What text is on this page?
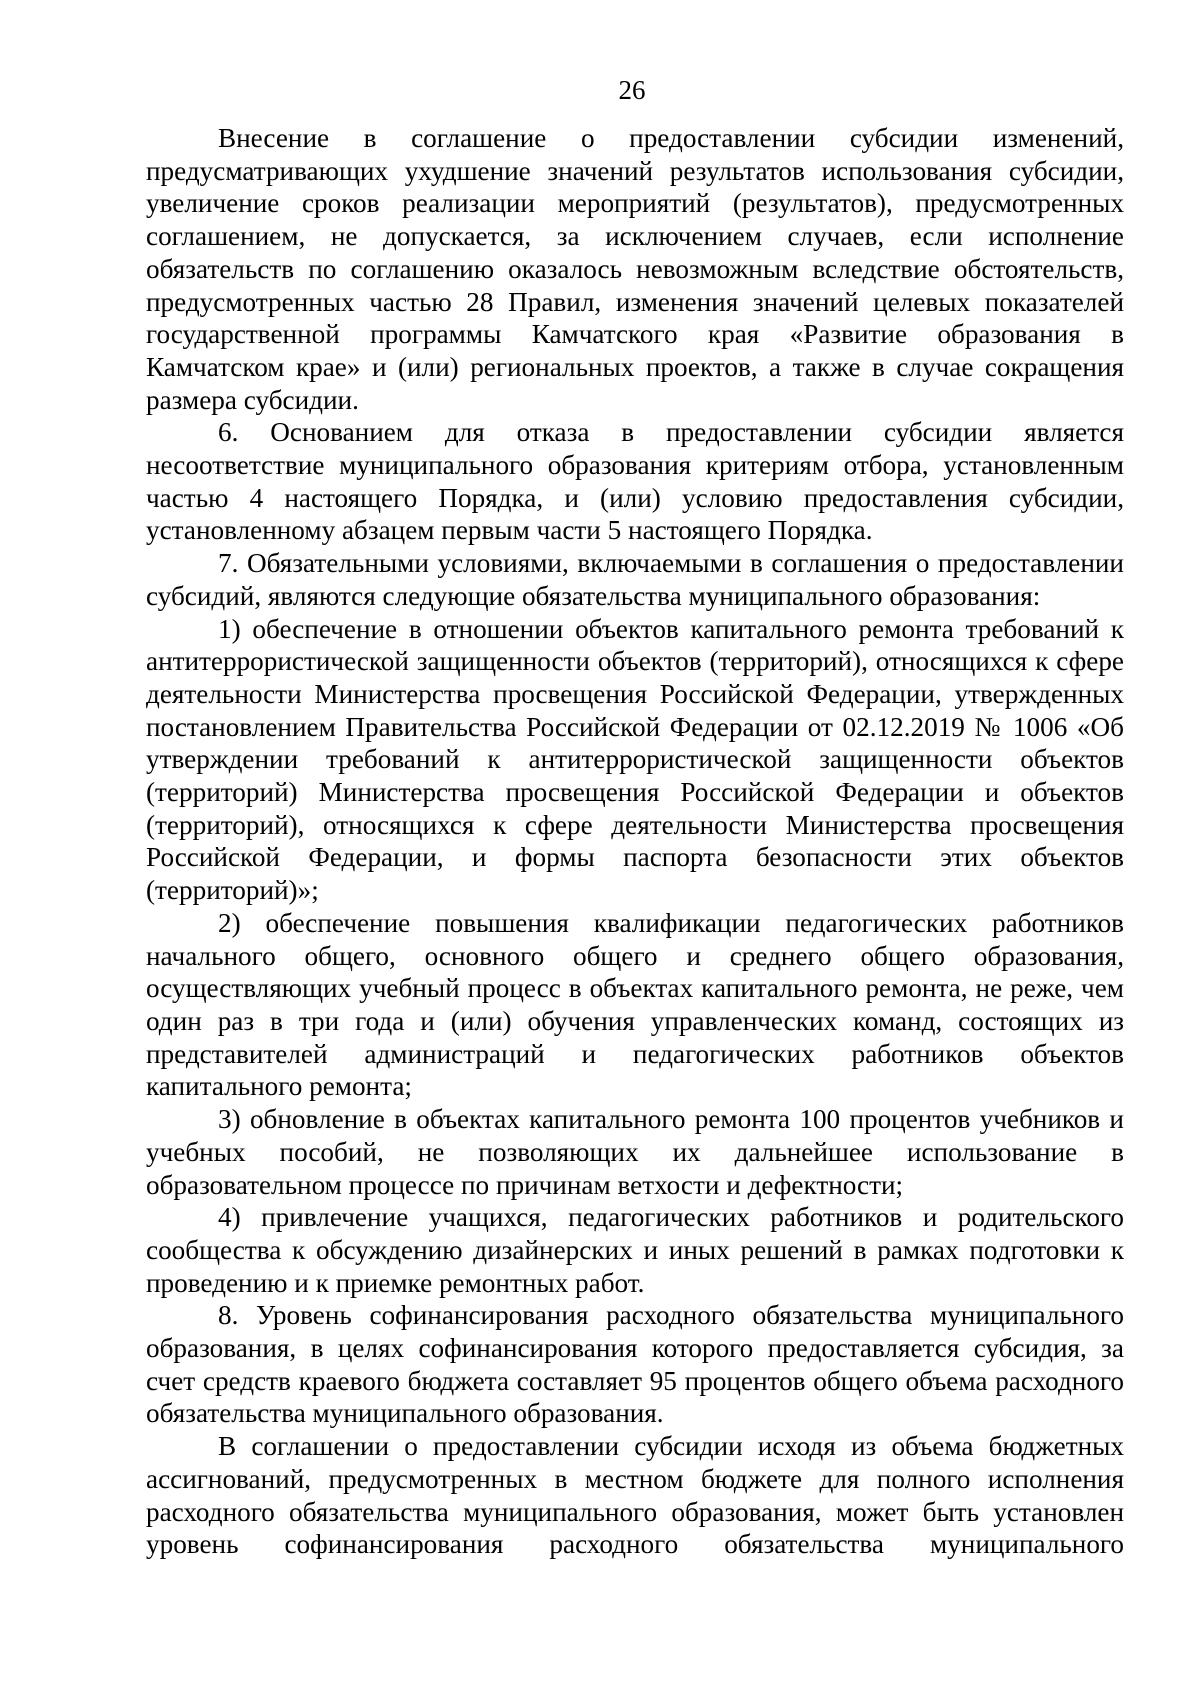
26

Внесение в соглашение о предоставлении субсидии изменений, предусматривающих ухудшение значений результатов использования субсидии, увеличение сроков реализации мероприятий (результатов), предусмотренных соглашением, не допускается, за исключением случаев, если исполнение обязательств по соглашению оказалось невозможным вследствие обстоятельств, предусмотренных частью 28 Правил, изменения значений целевых показателей государственной программы Камчатского края «Развитие образования в Камчатском крае» и (или) региональных проектов, а также в случае сокращения размера субсидии.

6. Основанием для отказа в предоставлении субсидии является несоответствие муниципального образования критериям отбора, установленным частью 4 настоящего Порядка, и (или) условию предоставления субсидии, установленному абзацем первым части 5 настоящего Порядка.

7. Обязательными условиями, включаемыми в соглашения о предоставлении субсидий, являются следующие обязательства муниципального образования:

1) обеспечение в отношении объектов капитального ремонта требований к антитеррористической защищенности объектов (территорий), относящихся к сфере деятельности Министерства просвещения Российской Федерации, утвержденных постановлением Правительства Российской Федерации от 02.12.2019 № 1006 «Об утверждении требований к антитеррористической защищенности объектов (территорий) Министерства просвещения Российской Федерации и объектов (территорий), относящихся к сфере деятельности Министерства просвещения Российской Федерации, и формы паспорта безопасности этих объектов (территорий)»;

2) обеспечение повышения квалификации педагогических работников начального общего, основного общего и среднего общего образования, осуществляющих учебный процесс в объектах капитального ремонта, не реже, чем один раз в три года и (или) обучения управленческих команд, состоящих из представителей администраций и педагогических работников объектов капитального ремонта;

3) обновление в объектах капитального ремонта 100 процентов учебников и учебных пособий, не позволяющих их дальнейшее использование в образовательном процессе по причинам ветхости и дефектности;

4) привлечение учащихся, педагогических работников и родительского сообщества к обсуждению дизайнерских и иных решений в рамках подготовки к проведению и к приемке ремонтных работ.

8. Уровень софинансирования расходного обязательства муниципального образования, в целях софинансирования которого предоставляется субсидия, за счет средств краевого бюджета составляет 95 процентов общего объема расходного обязательства муниципального образования.

В соглашении о предоставлении субсидии исходя из объема бюджетных ассигнований, предусмотренных в местном бюджете для полного исполнения расходного обязательства муниципального образования, может быть установлен уровень софинансирования расходного обязательства муниципального
